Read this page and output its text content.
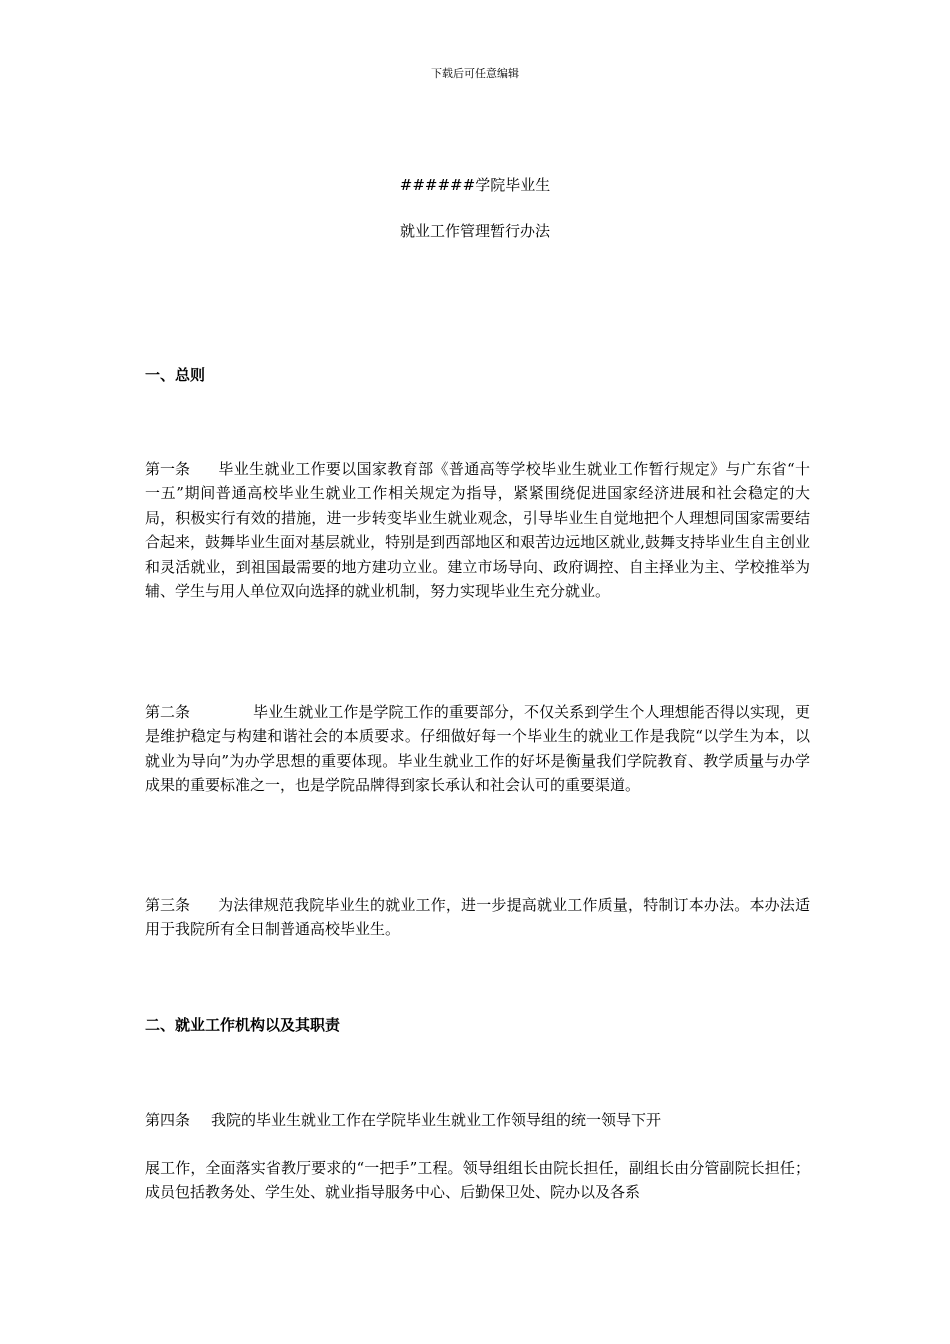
下载后可任意编辑
######学院毕业生
就业工作管理暂行办法
一、总则
第一条 毕业生就业工作要以国家教育部《普通高等学校毕业生就业工作暂行规定》与广东省“十一五”期间普通高校毕业生就业工作相关规定为指导，紧紧围绕促进国家经济进展和社会稳定的大局，积极实行有效的措施，进一步转变毕业生就业观念，引导毕业生自觉地把个人理想同国家需要结合起来，鼓舞毕业生面对基层就业，特别是到西部地区和艰苦边远地区就业,鼓舞支持毕业生自主创业和灵活就业，到祖国最需要的地方建功立业。建立市场导向、政府调控、自主择业为主、学校推举为辅、学生与用人单位双向选择的就业机制，努力实现毕业生充分就业。
第二条	毕业生就业工作是学院工作的重要部分，不仅关系到学生个人理想能否得以实现，更是维护稳定与构建和谐社会的本质要求。仔细做好每一个毕业生的就业工作是我院“以学生为本，以就业为导向”为办学思想的重要体现。毕业生就业工作的好坏是衡量我们学院教育、教学质量与办学成果的重要标准之一，也是学院品牌得到家长承认和社会认可的重要渠道。
第三条 为法律规范我院毕业生的就业工作，进一步提高就业工作质量，特制订本办法。本办法适用于我院所有全日制普通高校毕业生。
二、就业工作机构以及其职责
第四条 我院的毕业生就业工作在学院毕业生就业工作领导组的统一领导下开
展工作，全面落实省教厅要求的“一把手”工程。领导组组长由院长担任，副组长由分管副院长担任；成员包括教务处、学生处、就业指导服务中心、后勤保卫处、院办以及各系
